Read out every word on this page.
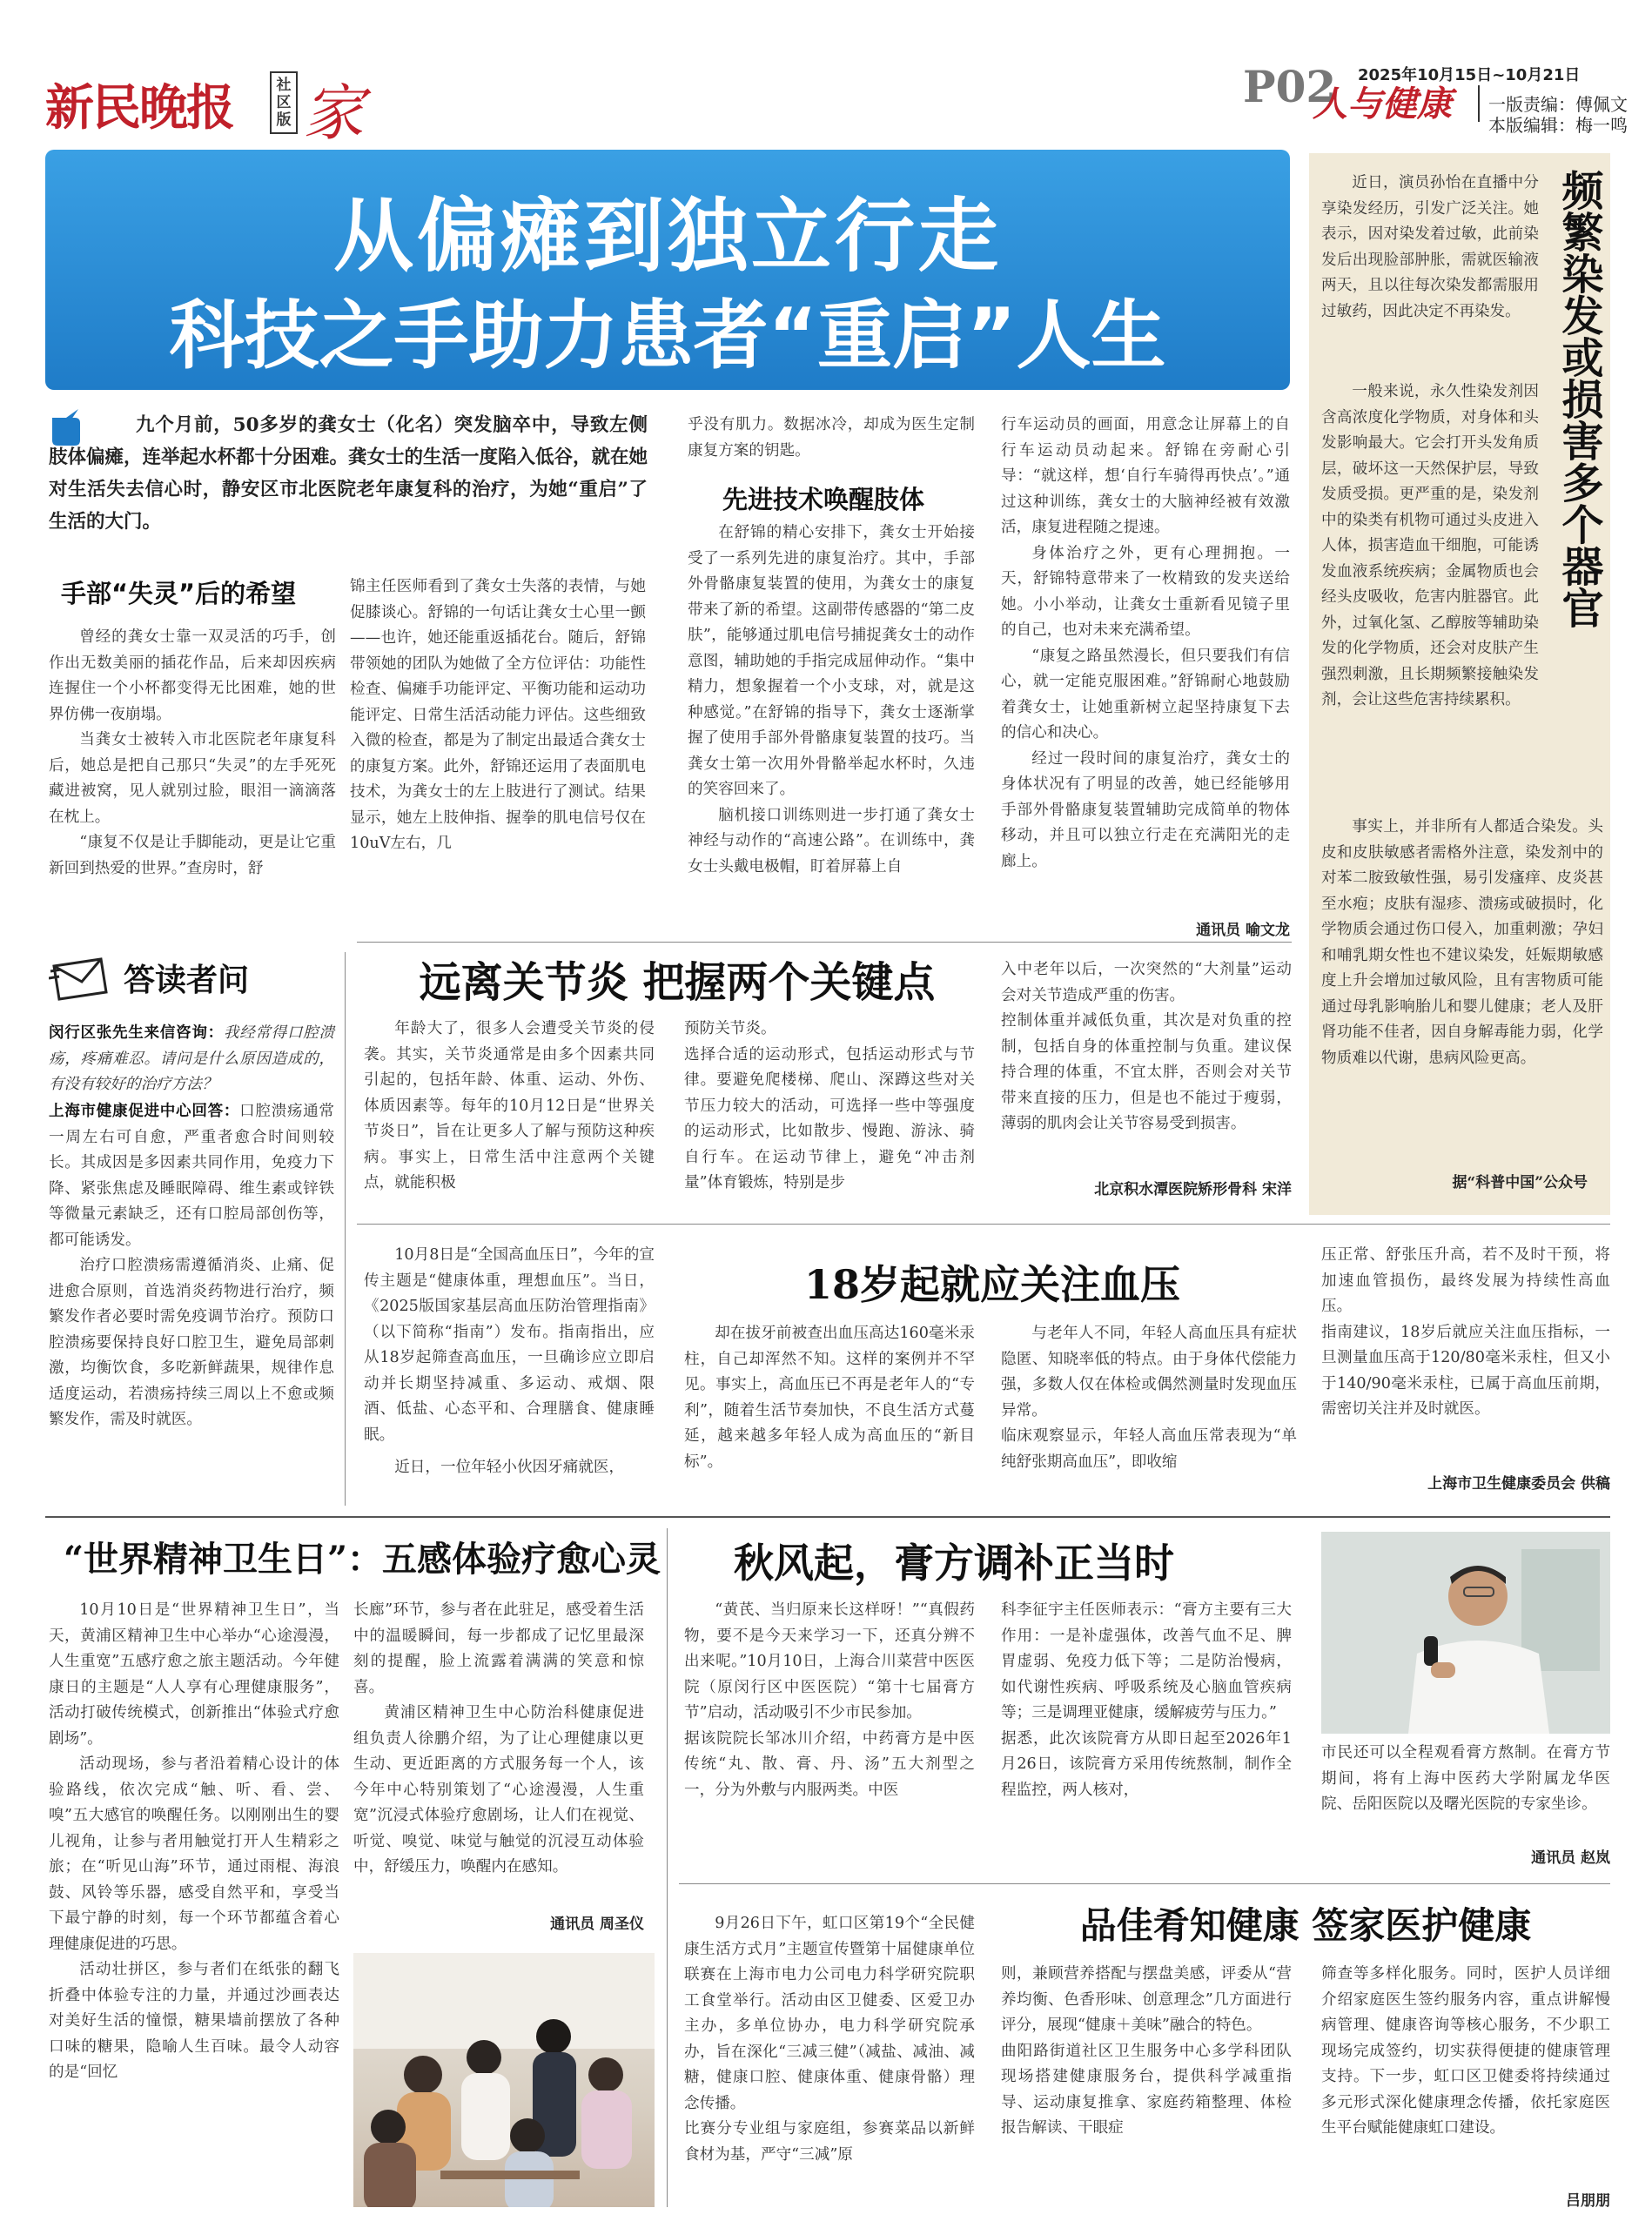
新民晚报	社区
版 家	P02
人与健康
2025年10月15日~10月21日
一版责编：傅佩文
本版编辑：梅一鸣
从偏瘫到独立行走
科技之手助力患者“重启”人生
九个月前，50多岁的龚女士（化名）突发脑卒中，导致左侧肢体偏瘫，连举起水杯都十分困难。龚女士的生活一度陷入低谷，就在她对生活失去信心时，静安区市北医院老年康复科的治疗，为她“重启”了生活的大门。
手部“失灵”后的希望

曾经的龚女士靠一双灵活的巧手，创作出无数美丽的插花作品，后来却因疾病连握住一个小杯都变得无比困难，她的世界仿佛一夜崩塌。

当龚女士被转入市北医院老年康复科后，她总是把自己那只“失灵”的左手死死藏进被窝，见人就别过脸，眼泪一滴滴落在枕上。

“康复不仅是让手脚能动，更是让它重新回到热爱的世界。”查房时，舒

锦主任医师看到了龚女士失落的表情，与她促膝谈心。舒锦的一句话让龚女士心里一颤——也许，她还能重返插花台。随后，舒锦带领她的团队为她做了全方位评估：功能性检查、偏瘫手功能评定、平衡功能和运动功能评定、日常生活活动能力评估。这些细致入微的检查，都是为了制定出最适合龚女士的康复方案。此外，舒锦还运用了表面肌电技术，为龚女士的左上肢进行了测试。结果显示，她左上肢伸指、握拳的肌电信号仅在10uV左右，几
乎没有肌力。数据冰冷，却成为医生定制康复方案的钥匙。
先进技术唤醒肢体

在舒锦的精心安排下，龚女士开始接受了一系列先进的康复治疗。其中，手部外骨骼康复装置的使用，为龚女士的康复带来了新的希望。这副带传感器的“第二皮肤”，能够通过肌电信号捕捉龚女士的动作意图，辅助她的手指完成屈伸动作。“集中精力，想象握着一个小支球，对，就是这种感觉。”在舒锦的指导下，龚女士逐渐掌握了使用手部外骨骼康复装置的技巧。当龚女士第一次用外骨骼举起水杯时，久违的笑容回来了。

脑机接口训练则进一步打通了龚女士神经与动作的“高速公路”。在训练中，龚女士头戴电极帽，盯着屏幕上自

行车运动员的画面，用意念让屏幕上的自行车运动员动起来。舒锦在旁耐心引导：“就这样，想‘自行车骑得再快点’。”通过这种训练，龚女士的大脑神经被有效激活，康复进程随之提速。

身体治疗之外，更有心理拥抱。一天，舒锦特意带来了一枚精致的发夹送给她。小小举动，让龚女士重新看见镜子里的自己，也对未来充满希望。

“康复之路虽然漫长，但只要我们有信心，就一定能克服困难。”舒锦耐心地鼓励着龚女士，让她重新树立起坚持康复下去的信心和决心。

经过一段时间的康复治疗，龚女士的身体状况有了明显的改善，她已经能够用手部外骨骼康复装置辅助完成简单的物体移动，并且可以独立行走在充满阳光的走廊上。

通讯员 喻文龙
频繁染发或损害多个器官
近日，演员孙怡在直播中分享染发经历，引发广泛关注。她表示，因对染发着过敏，此前染发后出现脸部肿胀，需就医输液两天，且以往每次染发都需服用过敏药，因此决定不再染发。
一般来说，永久性染发剂因含高浓度化学物质，对身体和头发影响最大。它会打开头发角质层，破坏这一天然保护层，导致发质受损。更严重的是，染发剂中的染类有机物可通过头皮进入人体，损害造血干细胞，可能诱发血液系统疾病；金属物质也会经头皮吸收，危害内脏器官。此外，过氧化氢、乙醇胺等辅助染发的化学物质，还会对皮肤产生强烈刺激，且长期频繁接触染发剂，会让这些危害持续累积。
事实上，并非所有人都适合染发。头皮和皮肤敏感者需格外注意，染发剂中的对苯二胺致敏性强，易引发瘙痒、皮炎甚至水疱；皮肤有湿疹、溃疡或破损时，化学物质会通过伤口侵入，加重刺激；孕妇和哺乳期女性也不建议染发，妊娠期敏感度上升会增加过敏风险，且有害物质可能通过母乳影响胎儿和婴儿健康；老人及肝肾功能不佳者，因自身解毒能力弱，化学物质难以代谢，患病风险更高。
据“科普中国”公众号
答读者问
闵行区张先生来信咨询：我经常得口腔溃疡，疼痛难忍。请问是什么原因造成的，有没有较好的治疗方法？
上海市健康促进中心回答：口腔溃疡通常一周左右可自愈，严重者愈合时间则较长。其成因是多因素共同作用，免疫力下降、紧张焦虑及睡眠障碍、维生素或锌铁等微量元素缺乏，还有口腔局部创伤等，都可能诱发。

治疗口腔溃疡需遵循消炎、止痛、促进愈合原则，首选消炎药物进行治疗，频繁发作者必要时需免疫调节治疗。预防口腔溃疡要保持良好口腔卫生，避免局部刺激，均衡饮食，多吃新鲜蔬果，规律作息适度运动，若溃疡持续三周以上不愈或频繁发作，需及时就医。

远离关节炎 把握两个关键点
年龄大了，很多人会遭受关节炎的侵袭。其实，关节炎通常是由多个因素共同引起的，包括年龄、体重、运动、外伤、体质因素等。每年的10月12日是“世界关节炎日”，旨在让更多人了解与预防这种疾病。事实上，日常生活中注意两个关键点，就能积极
预防关节炎。
选择合适的运动形式，包括运动形式与节律。要避免爬楼梯、爬山、深蹲这些对关节压力较大的活动，可选择一些中等强度的运动形式，比如散步、慢跑、游泳、骑自行车。在运动节律上，避免“冲击剂量”体育锻炼，特别是步
入中老年以后，一次突然的“大剂量”运动会对关节造成严重的伤害。
控制体重并减低负重，其次是对负重的控制，包括自身的体重控制与负重。建议保持合理的体重，不宜太胖，否则会对关节带来直接的压力，但是也不能过于瘦弱，薄弱的肌肉会让关节容易受到损害。
北京积水潭医院矫形骨科 宋洋
10月8日是“全国高血压日”，今年的宣传主题是“健康体重，理想血压”。当日，《2025版国家基层高血压防治管理指南》（以下简称“指南”）发布。指南指出，应从18岁起筛查高血压，一旦确诊应立即启动并长期坚持减重、多运动、戒烟、限酒、低盐、心态平和、合理膳食、健康睡眠。
近日，一位年轻小伙因牙痛就医，
18岁起就应关注血压
却在拔牙前被查出血压高达160毫米汞柱，自己却浑然不知。这样的案例并不罕见。事实上，高血压已不再是老年人的“专利”，随着生活节奏加快，不良生活方式蔓延，越来越多年轻人成为高血压的“新目标”。
与老年人不同，年轻人高血压具有症状隐匿、知晓率低的特点。由于身体代偿能力强，多数人仅在体检或偶然测量时发现血压异常。
临床观察显示，年轻人高血压常表现为“单纯舒张期高血压”，即收缩
压正常、舒张压升高，若不及时干预，将加速血管损伤，最终发展为持续性高血压。
指南建议，18岁后就应关注血压指标，一旦测量血压高于120/80毫米汞柱，但又小于140/90毫米汞柱，已属于高血压前期，需密切关注并及时就医。
上海市卫生健康委员会 供稿
“世界精神卫生日”：五感体验疗愈心灵

10月10日是“世界精神卫生日”，当天，黄浦区精神卫生中心举办“心途漫漫，人生重宽”五感疗愈之旅主题活动。今年健康日的主题是“人人享有心理健康服务”，活动打破传统模式，创新推出“体验式疗愈剧场”。

活动现场，参与者沿着精心设计的体验路线，依次完成“触、听、看、尝、嗅”五大感官的唤醒任务。以刚刚出生的婴儿视角，让参与者用触觉打开人生精彩之旅；在“听见山海”环节，通过雨棍、海浪鼓、风铃等乐器，感受自然平和，享受当下最宁静的时刻，每一个环节都蕴含着心理健康促进的巧思。

活动壮拼区，参与者们在纸张的翻飞折叠中体验专注的力量，并通过沙画表达对美好生活的憧憬，糖果墙前摆放了各种口味的糖果，隐喻人生百味。最令人动容的是“回忆

长廊”环节，参与者在此驻足，感受着生活中的温暖瞬间，每一步都成了记忆里最深刻的提醒，脸上流露着满满的笑意和惊喜。

黄浦区精神卫生中心防治科健康促进组负责人徐鹏介绍，为了让心理健康以更生动、更近距离的方式服务每一个人，该今年中心特别策划了“心途漫漫，人生重宽”沉浸式体验疗愈剧场，让人们在视觉、听觉、嗅觉、味觉与触觉的沉浸互动体验中，舒缓压力，唤醒内在感知。

通讯员 周圣仪
秋风起，膏方调补正当时
“黄芪、当归原来长这样呀！”“真假药物，要不是今天来学习一下，还真分辨不出来呢。”10月10日，上海合川菜营中医医院（原闵行区中医医院）“第十七届膏方节”启动，活动吸引不少市民参加。
据该院院长邹冰川介绍，中药膏方是中医传统“丸、散、膏、丹、汤”五大剂型之一，分为外敷与内服两类。中医
科李征宇主任医师表示：“膏方主要有三大作用：一是补虚强体，改善气血不足、脾胃虚弱、免疫力低下等；二是防治慢病，如代谢性疾病、呼吸系统及心脑血管疾病等；三是调理亚健康，缓解疲劳与压力。”
据悉，此次该院膏方从即日起至2026年1月26日，该院膏方采用传统熬制，制作全程监控，两人核对，
市民还可以全程观看膏方熬制。在膏方节期间，将有上海中医药大学附属龙华医院、岳阳医院以及曙光医院的专家坐诊。
通讯员 赵岚
9月26日下午，虹口区第19个“全民健康生活方式月”主题宣传暨第十届健康单位联赛在上海市电力公司电力科学研究院职工食堂举行。活动由区卫健委、区爱卫办主办，多单位协办，电力科学研究院承办，旨在深化“三减三健”（减盐、减油、减糖，健康口腔、健康体重、健康骨骼）理念传播。
比赛分专业组与家庭组，参赛菜品以新鲜食材为基，严守“三减”原
品佳肴知健康 签家医护健康
则，兼顾营养搭配与摆盘美感，评委从“营养均衡、色香形味、创意理念”几方面进行评分，展现“健康＋美味”融合的特色。
曲阳路街道社区卫生服务中心多学科团队现场搭建健康服务台，提供科学减重指导、运动康复推拿、家庭药箱整理、体检报告解读、干眼症
筛查等多样化服务。同时，医护人员详细介绍家庭医生签约服务内容，重点讲解慢病管理、健康咨询等核心服务，不少职工现场完成签约，切实获得便捷的健康管理支持。下一步，虹口区卫健委将持续通过多元形式深化健康理念传播，依托家庭医生平台赋能健康虹口建设。
吕朋朋
